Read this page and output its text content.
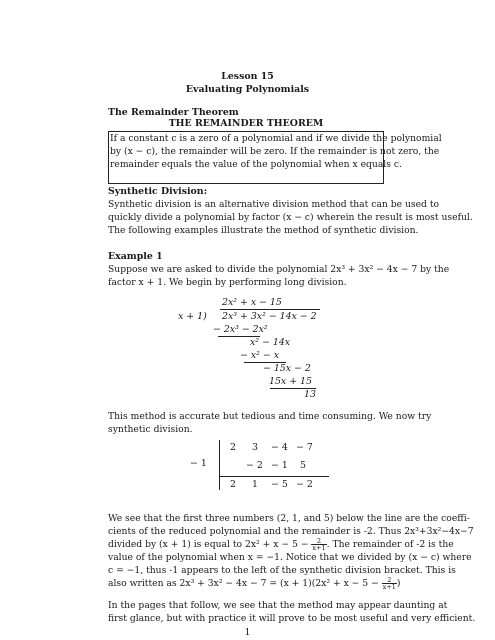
Lesson 15
Evaluating Polynomials
The Remainder Theorem
THE REMAINDER THEOREM
If a constant c is a zero of a polynomial and if we divide the polynomial
by (x − c), the remainder will be zero. If the remainder is not zero, the
remainder equals the value of the polynomial when x equals c.
Synthetic Division:
Synthetic division is an alternative division method that can be used to
quickly divide a polynomial by factor (x − c) wherein the result is most useful.
The following examples illustrate the method of synthetic division.
Example 1
Suppose we are asked to divide the polynomial 2x³ + 3x² − 4x − 7 by the
factor x + 1. We begin by performing long division.
2x² + x − 15
x + 1) 2x³ + 3x² − 14x − 2
− 2x³ − 2x²
x² − 14x
− x² − x
− 15x − 2
15x + 15
13
This method is accurate but tedious and time consuming. We now try
synthetic division.
− 1
2 3 − 4 − 7
− 2 − 1 5
2 1 − 5 − 2
We see that the first three numbers (2, 1, and 5) below the line are the coeffi-
cients of the reduced polynomial and the remainder is -2. Thus 2x³+3x²−4x−7
divided by (x + 1) is equal to $2x^2 + x - 5 - \frac{2}{x+1}$ . The remainder of -2 is the
value of the polynomial when x = −1. Notice that we divided by (x − c) where
c = −1, thus -1 appears to the left of the synthetic division bracket. This is
also written as $2x^3 + 3x^2 - 4x - 7 = (x + 1)(2x^2 + x - 5 - \frac{2}{x+1}$ )
In the pages that follow, we see that the method may appear daunting at
first glance, but with practice it will prove to be most useful and very efficient.
1
